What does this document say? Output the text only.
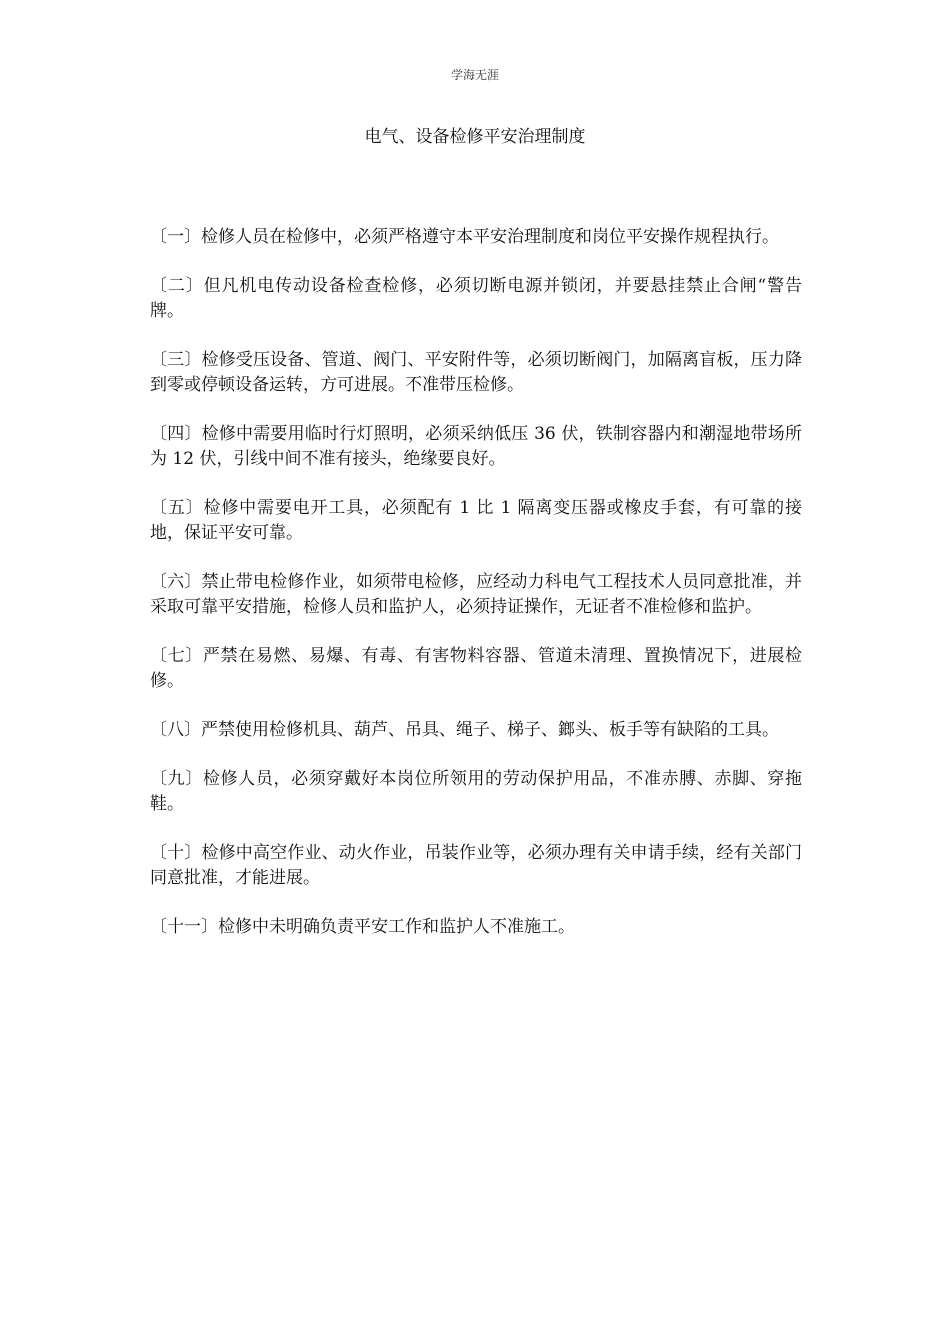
学海无涯
电气、设备检修平安治理制度

〔一〕检修人员在检修中，必须严格遵守本平安治理制度和岗位平安操作规程执行。

〔二〕但凡机电传动设备检查检修，必须切断电源并锁闭，并要悬挂禁止合闸“警告牌。

〔三〕检修受压设备、管道、阀门、平安附件等，必须切断阀门，加隔离盲板，压力降到零或停顿设备运转，方可进展。不准带压检修。

〔四〕检修中需要用临时行灯照明，必须采纳低压 36 伏，铁制容器内和潮湿地带场所为 12 伏，引线中间不准有接头，绝缘要良好。

〔五〕检修中需要电开工具，必须配有 1 比 1 隔离变压器或橡皮手套，有可靠的接地，保证平安可靠。

〔六〕禁止带电检修作业，如须带电检修，应经动力科电气工程技术人员同意批准，并采取可靠平安措施，检修人员和监护人，必须持证操作，无证者不准检修和监护。

〔七〕严禁在易燃、易爆、有毒、有害物料容器、管道未清理、置换情况下，进展检修。

〔八〕严禁使用检修机具、葫芦、吊具、绳子、梯子、鎯头、板手等有缺陷的工具。

〔九〕检修人员，必须穿戴好本岗位所领用的劳动保护用品，不准赤膊、赤脚、穿拖鞋。

〔十〕检修中高空作业、动火作业，吊装作业等，必须办理有关申请手续，经有关部门同意批准，才能进展。

〔十一〕检修中未明确负责平安工作和监护人不准施工。
